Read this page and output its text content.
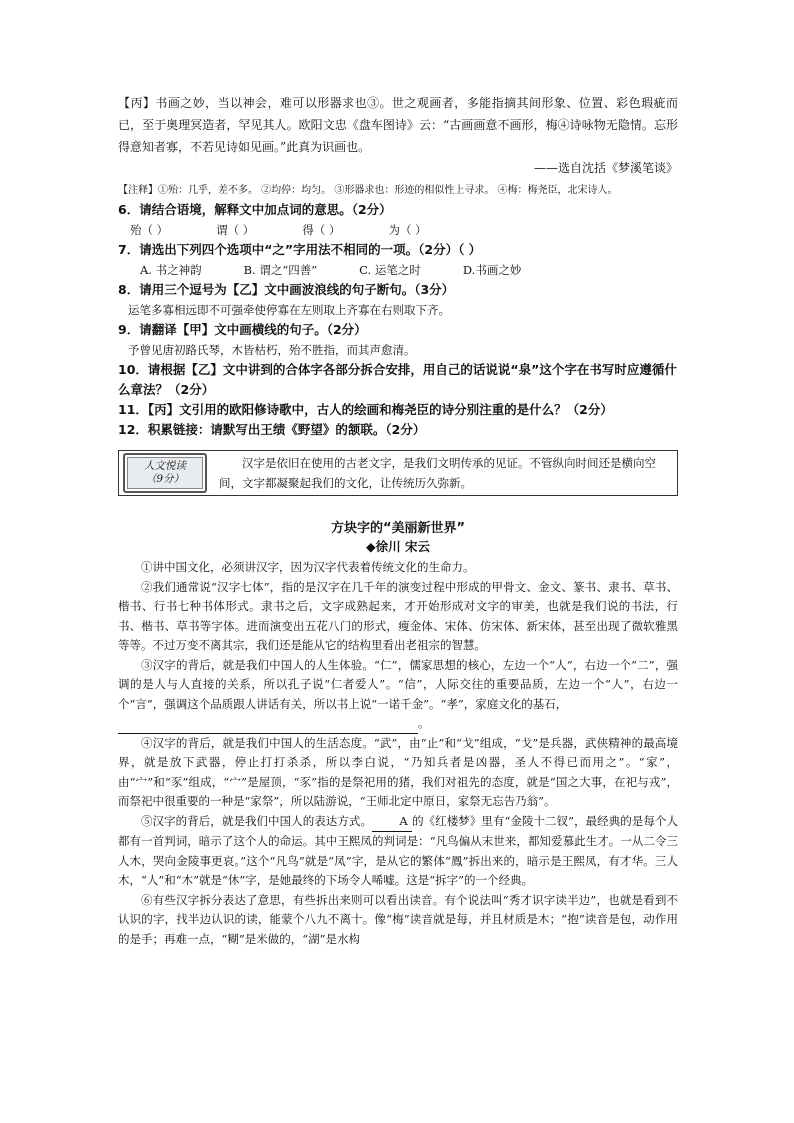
【丙】书画之妙，当以神会，难可以形器求也③。世之观画者，多能指摘其间形象、位置、彩色瑕疵而已，至于奥理冥造者，罕见其人。欧阳文忠《盘车图诗》云：“古画画意不画形，梅④诗咏物无隐情。忘形得意知者寡，不若见诗如见画。”此真为识画也。

——选自沈括《梦溪笔谈》

【注释】①殆：几乎，差不多。 ②均停：均匀。 ③形器求也：形迹的相似性上寻求。 ④梅：梅尧臣，北宋诗人。

6．请结合语境，解释文中加点词的意思。（2分）

殆（ ）	谓（ ）	得（ ）	为（ ）

7．请选出下列四个选项中“之”字用法不相同的一项。（2分）（ ）

A. 书之神韵	B. 谓之“四善”	C. 运笔之时	D.书画之妙

8．请用三个逗号为【乙】文中画波浪线的句子断句。（3分）

运笔多寡相远即不可强牵使停寡在左则取上齐寡在右则取下齐。

9．请翻译【甲】文中画横线的句子。（2分）

予曾见唐初路氏琴，木皆枯朽，殆不胜指，而其声愈清。

10．请根据【乙】文中讲到的合体字各部分拆合安排，用自己的话说说“泉”这个字在书写时应遵循什么章法？（2分）

11．【丙】文引用的欧阳修诗歌中，古人的绘画和梅尧臣的诗分别注重的是什么？（2分）

12．积累链接：请默写出王绩《野望》的颔联。（2分）

人文悦读
（9分）
汉字是依旧在使用的古老文字，是我们文明传承的见证。不管纵向时间还是横向空间，文字都凝聚起我们的文化，让传统历久弥新。
方块字的“美丽新世界”
◆徐川 宋云

①讲中国文化，必须讲汉字，因为汉字代表着传统文化的生命力。

②我们通常说“汉字七体”，指的是汉字在几千年的演变过程中形成的甲骨文、金文、篆书、隶书、草书、楷书、行书七种书体形式。隶书之后，文字成熟起来，才开始形成对文字的审美，也就是我们说的书法，行书、楷书、草书等字体。进而演变出五花八门的形式，瘦金体、宋体、仿宋体、新宋体，甚至出现了微软雅黑等等。不过万变不离其宗，我们还是能从它的结构里看出老祖宗的智慧。

③汉字的背后，就是我们中国人的人生体验。“仁”，儒家思想的核心，左边一个“人”，右边一个“二”，强调的是人与人直接的关系，所以孔子说“仁者爱人”。“信”，人际交往的重要品质，左边一个“人”，右边一个“言”，强调这个品质跟人讲话有关，所以书上说“一诺千金”。“孝”，家庭文化的基石，
。

④汉字的背后，就是我们中国人的生活态度。“武”，由“止”和“戈”组成，“戈”是兵器，武侠精神的最高境界，就是放下武器，停止打打杀杀，所以李白说，“乃知兵者是凶器，圣人不得已而用之”。“家”，由“宀”和“豕”组成，“宀”是屋顶，“豕”指的是祭祀用的猪，我们对祖先的态度，就是“国之大事，在祀与戎”，而祭祀中很重要的一种是“家祭”，所以陆游说，“王师北定中原日，家祭无忘告乃翁”。

⑤汉字的背后，就是我们中国人的表达方式。 A 的《红楼梦》里有“金陵十二钗”，最经典的是每个人都有一首判词，暗示了这个人的命运。其中王熙凤的判词是：“凡鸟偏从末世来，都知爱慕此生才。一从二令三人木，哭向金陵事更哀。”这个“凡鸟”就是“凤”字，是从它的繁体“鳳”拆出来的，暗示是王熙凤，有才华。三人木，“人”和“木”就是“休”字，是她最终的下场令人唏嘘。这是“拆字”的一个经典。

⑥有些汉字拆分表达了意思，有些拆出来则可以看出读音。有个说法叫“秀才识字读半边”，也就是看到不认识的字，找半边认识的读，能蒙个八九不离十。像“梅”读音就是每，并且材质是木；“抱”读音是包，动作用的是手；再难一点，“糊”是米做的，“湖”是水构
